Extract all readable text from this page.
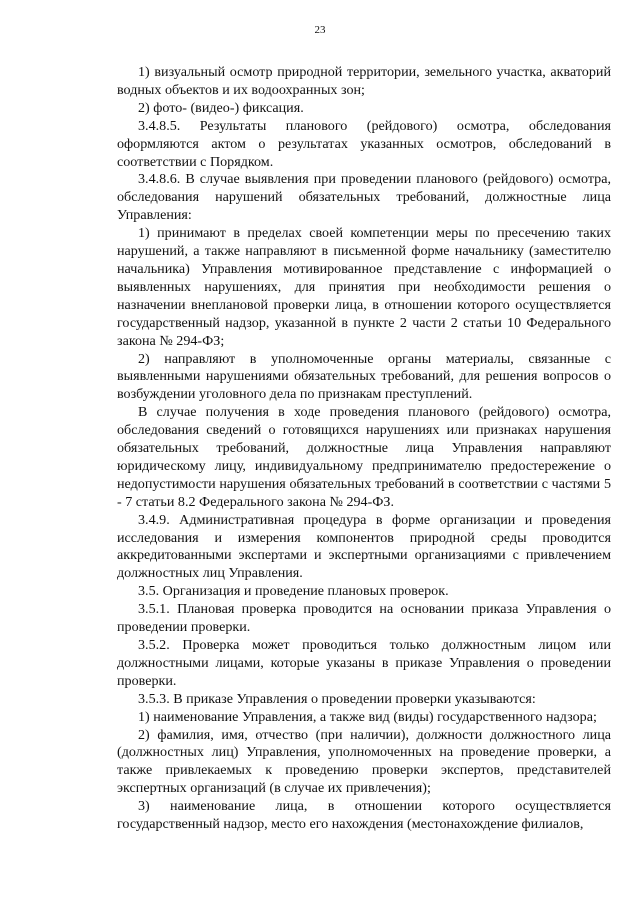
23

1) визуальный осмотр природной территории, земельного участка, акваторий водных объектов и их водоохранных зон;

2) фото- (видео-) фиксация.

3.4.8.5. Результаты планового (рейдового) осмотра, обследования оформляются актом о результатах указанных осмотров, обследований в соответствии с Порядком.

3.4.8.6. В случае выявления при проведении планового (рейдового) осмотра, обследования нарушений обязательных требований, должностные лица Управления:

1) принимают в пределах своей компетенции меры по пресечению таких нарушений, а также направляют в письменной форме начальнику (заместителю начальника) Управления мотивированное представление с информацией о выявленных нарушениях, для принятия при необходимости решения о назначении внеплановой проверки лица, в отношении которого осуществляется государственный надзор, указанной в пункте 2 части 2 статьи 10 Федерального закона № 294-ФЗ;

2) направляют в уполномоченные органы материалы, связанные с выявленными нарушениями обязательных требований, для решения вопросов о возбуждении уголовного дела по признакам преступлений.

В случае получения в ходе проведения планового (рейдового) осмотра, обследования сведений о готовящихся нарушениях или признаках нарушения обязательных требований, должностные лица Управления направляют юридическому лицу, индивидуальному предпринимателю предостережение о недопустимости нарушения обязательных требований в соответствии с частями 5 - 7 статьи 8.2 Федерального закона № 294-ФЗ.

3.4.9. Административная процедура в форме организации и проведения исследования и измерения компонентов природной среды проводится аккредитованными экспертами и экспертными организациями с привлечением должностных лиц Управления.

3.5. Организация и проведение плановых проверок.

3.5.1. Плановая проверка проводится на основании приказа Управления о проведении проверки.

3.5.2. Проверка может проводиться только должностным лицом или должностными лицами, которые указаны в приказе Управления о проведении проверки.

3.5.3. В приказе Управления о проведении проверки указываются:

1) наименование Управления, а также вид (виды) государственного надзора;

2) фамилия, имя, отчество (при наличии), должности должностного лица (должностных лиц) Управления, уполномоченных на проведение проверки, а также привлекаемых к проведению проверки экспертов, представителей экспертных организаций (в случае их привлечения);

3) наименование лица, в отношении которого осуществляется государственный надзор, место его нахождения (местонахождение филиалов,
